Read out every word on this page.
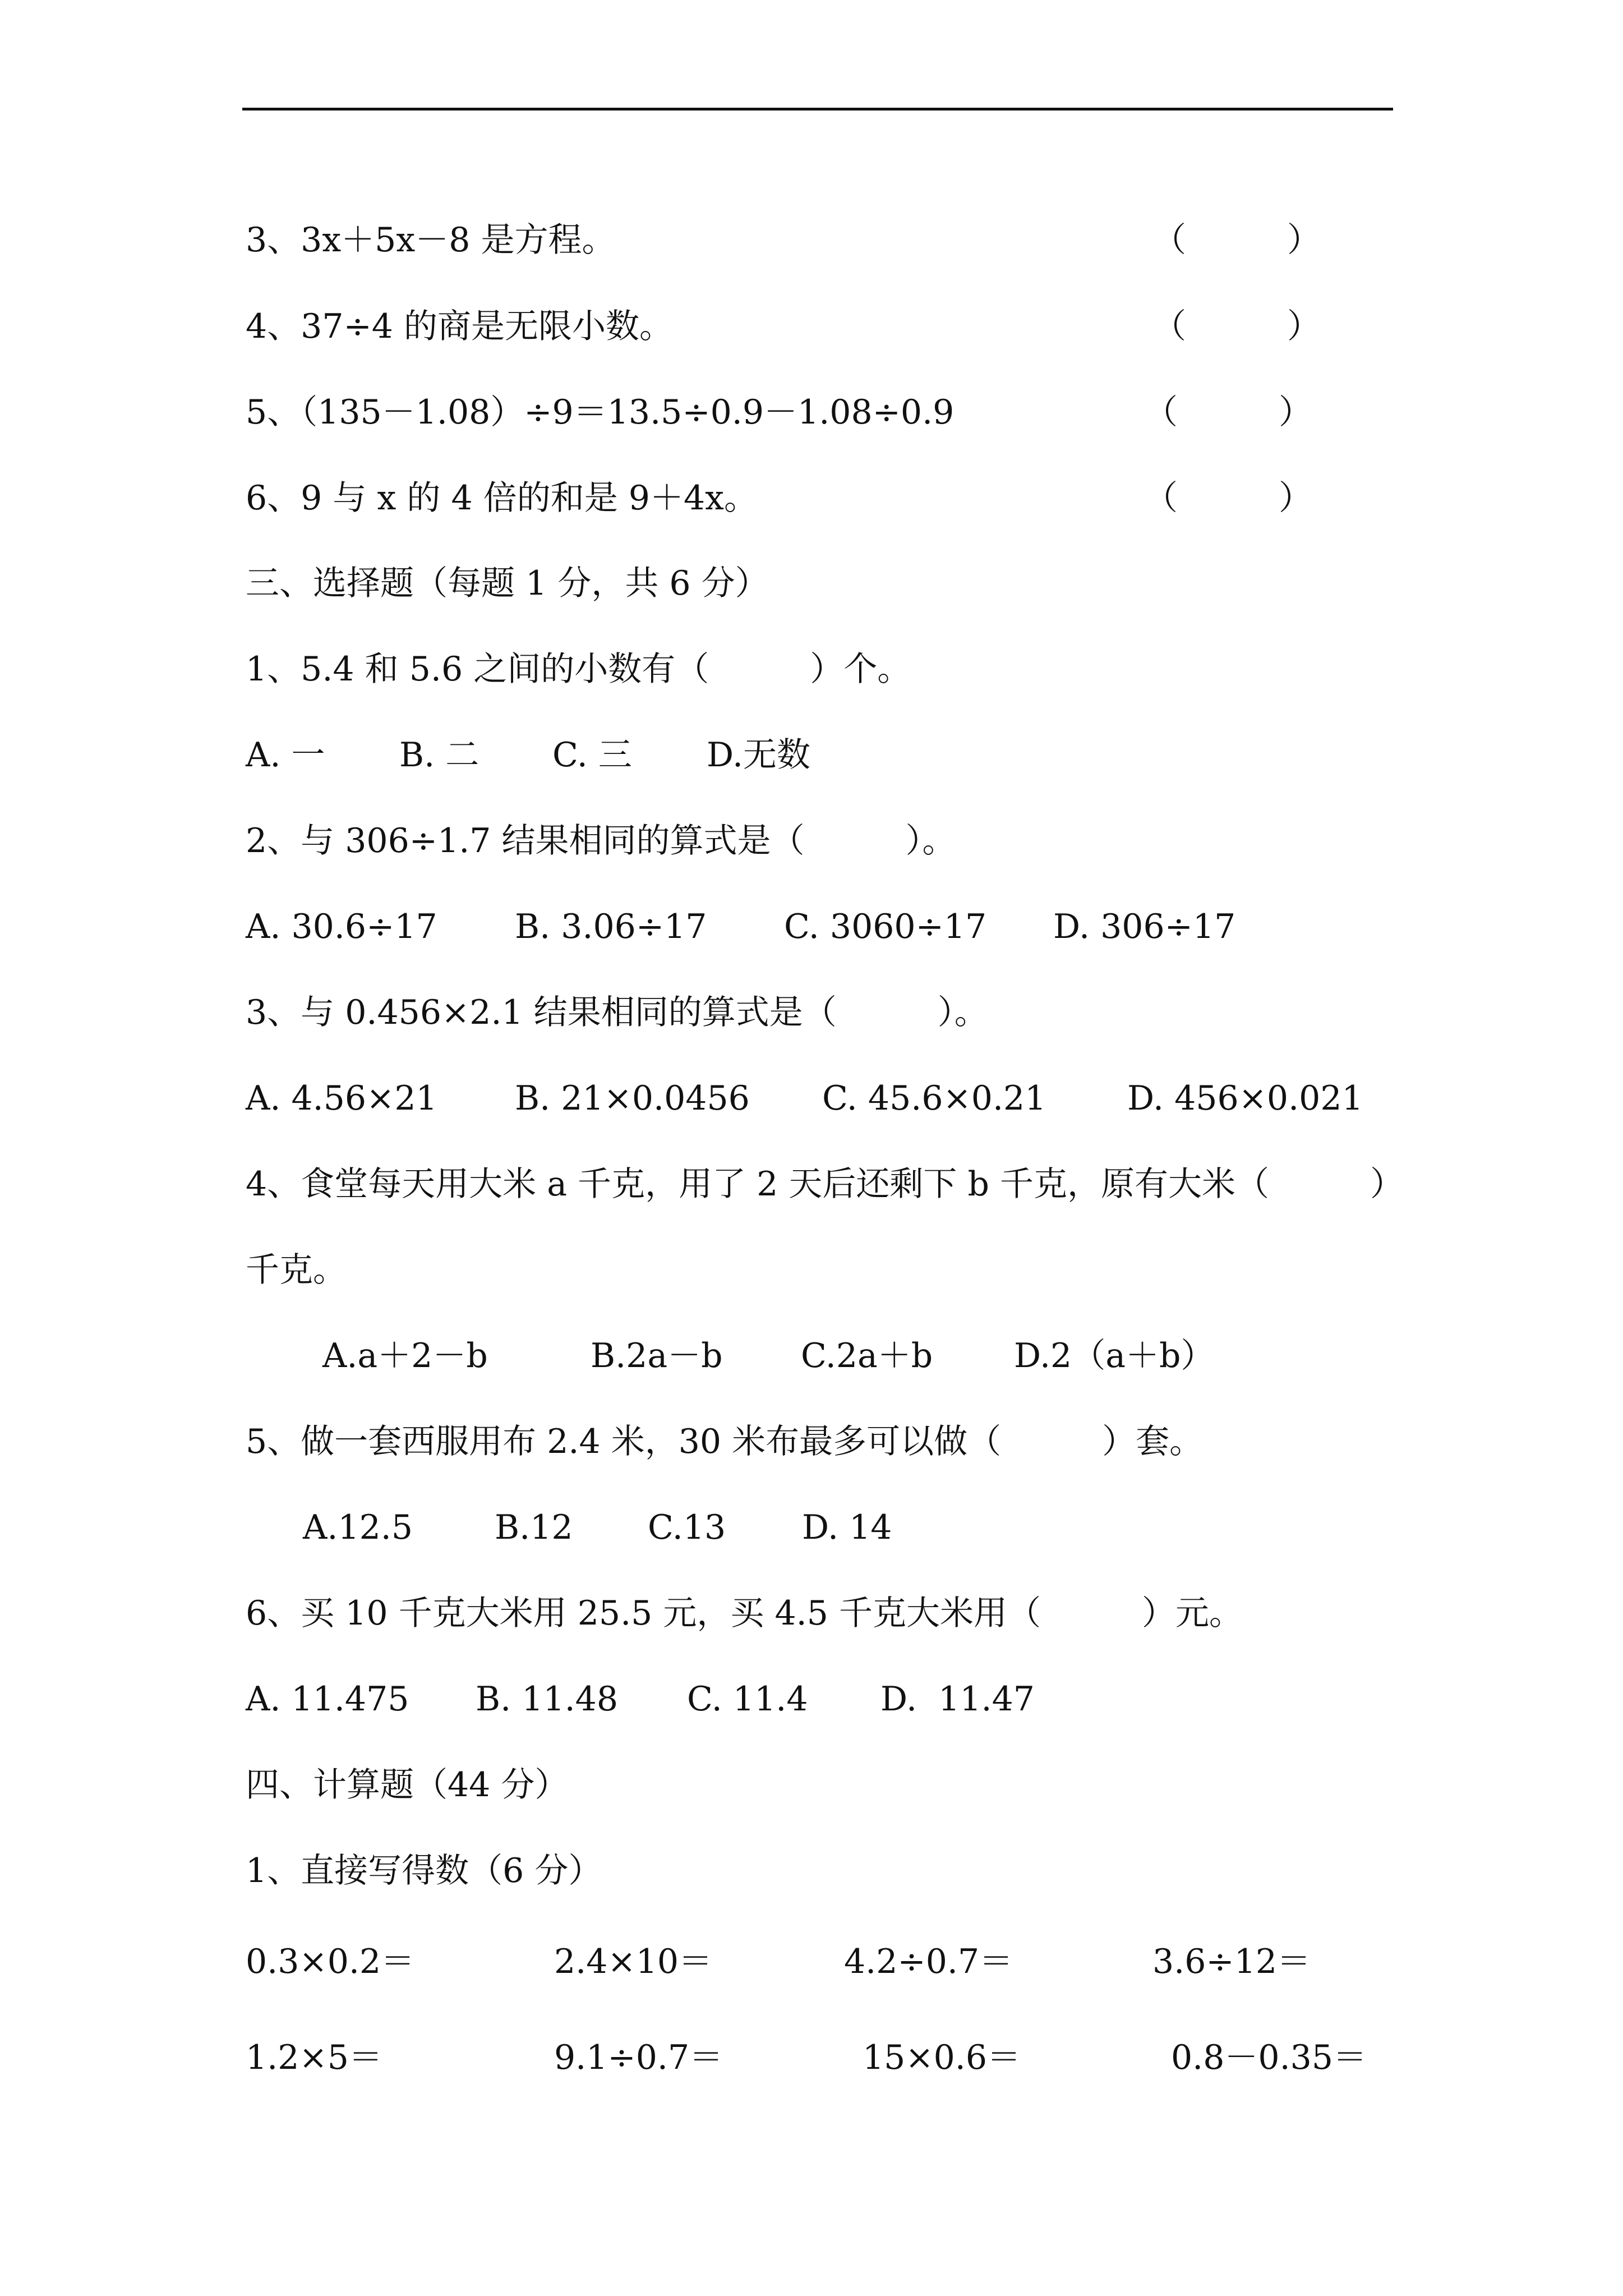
3、3x＋5x－8 是方程。	（　　　）
4、37÷4 的商是无限小数。	（　　　）
5、（135－1.08）÷9＝13.5÷0.9－1.08÷0.9	（　　　）
6、9 与 x 的 4 倍的和是 9＋4x。	（　　　）
三、选择题（每题 1 分，共 6 分）
1、5.4 和 5.6 之间的小数有（　　　）个。
A. 一 B. 二 C. 三 D.无数
2、与 306÷1.7 结果相同的算式是（　　　）。
A. 30.6÷17 B. 3.06÷17 C. 3060÷17 D. 306÷17
3、与 0.456×2.1 结果相同的算式是（　　　）。
A. 4.56×21 B. 21×0.0456 C. 45.6×0.21 D. 456×0.021
4、食堂每天用大米 a 千克，用了 2 天后还剩下 b 千克，原有大米（　　　）
千克。
A.a＋2－b	B.2a－b C.2a＋b D.2（a＋b）
5、做一套西服用布 2.4 米，30 米布最多可以做（　　　）套。
A.12.5 B.12 C.13 D. 14
6、买 10 千克大米用 25.5 元，买 4.5 千克大米用（　　　）元。
A. 11.475 B. 11.48 C. 11.4 D.  11.47
四、计算题（44 分）
1、直接写得数（6 分）
0.3×0.2＝	2.4×10＝	4.2÷0.7＝	3.6÷12＝
1.2×5＝	9.1÷0.7＝	15×0.6＝	0.8－0.35＝
